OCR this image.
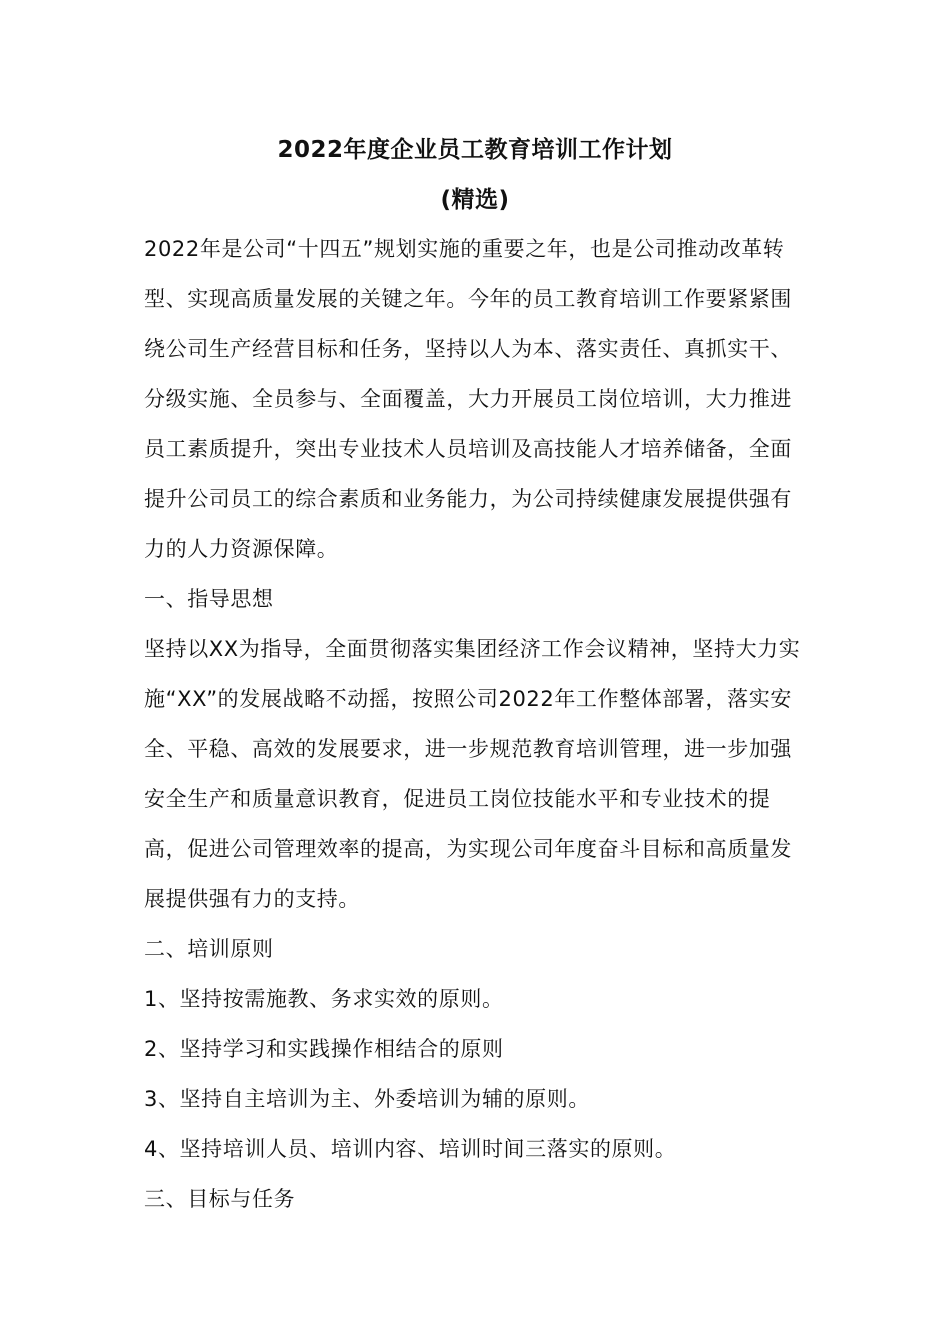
2022年度企业员工教育培训工作计划
(精选)

2022年是公司“十四五”规划实施的重要之年，也是公司推动改革转型、实现高质量发展的关键之年。今年的员工教育培训工作要紧紧围绕公司生产经营目标和任务，坚持以人为本、落实责任、真抓实干、分级实施、全员参与、全面覆盖，大力开展员工岗位培训，大力推进员工素质提升，突出专业技术人员培训及高技能人才培养储备，全面提升公司员工的综合素质和业务能力，为公司持续健康发展提供强有力的人力资源保障。

一、指导思想

坚持以XX为指导，全面贯彻落实集团经济工作会议精神，坚持大力实施“XX”的发展战略不动摇，按照公司2022年工作整体部署，落实安全、平稳、高效的发展要求，进一步规范教育培训管理，进一步加强安全生产和质量意识教育，促进员工岗位技能水平和专业技术的提高，促进公司管理效率的提高，为实现公司年度奋斗目标和高质量发展提供强有力的支持。

二、培训原则

1、坚持按需施教、务求实效的原则。

2、坚持学习和实践操作相结合的原则

3、坚持自主培训为主、外委培训为辅的原则。

4、坚持培训人员、培训内容、培训时间三落实的原则。

三、目标与任务
